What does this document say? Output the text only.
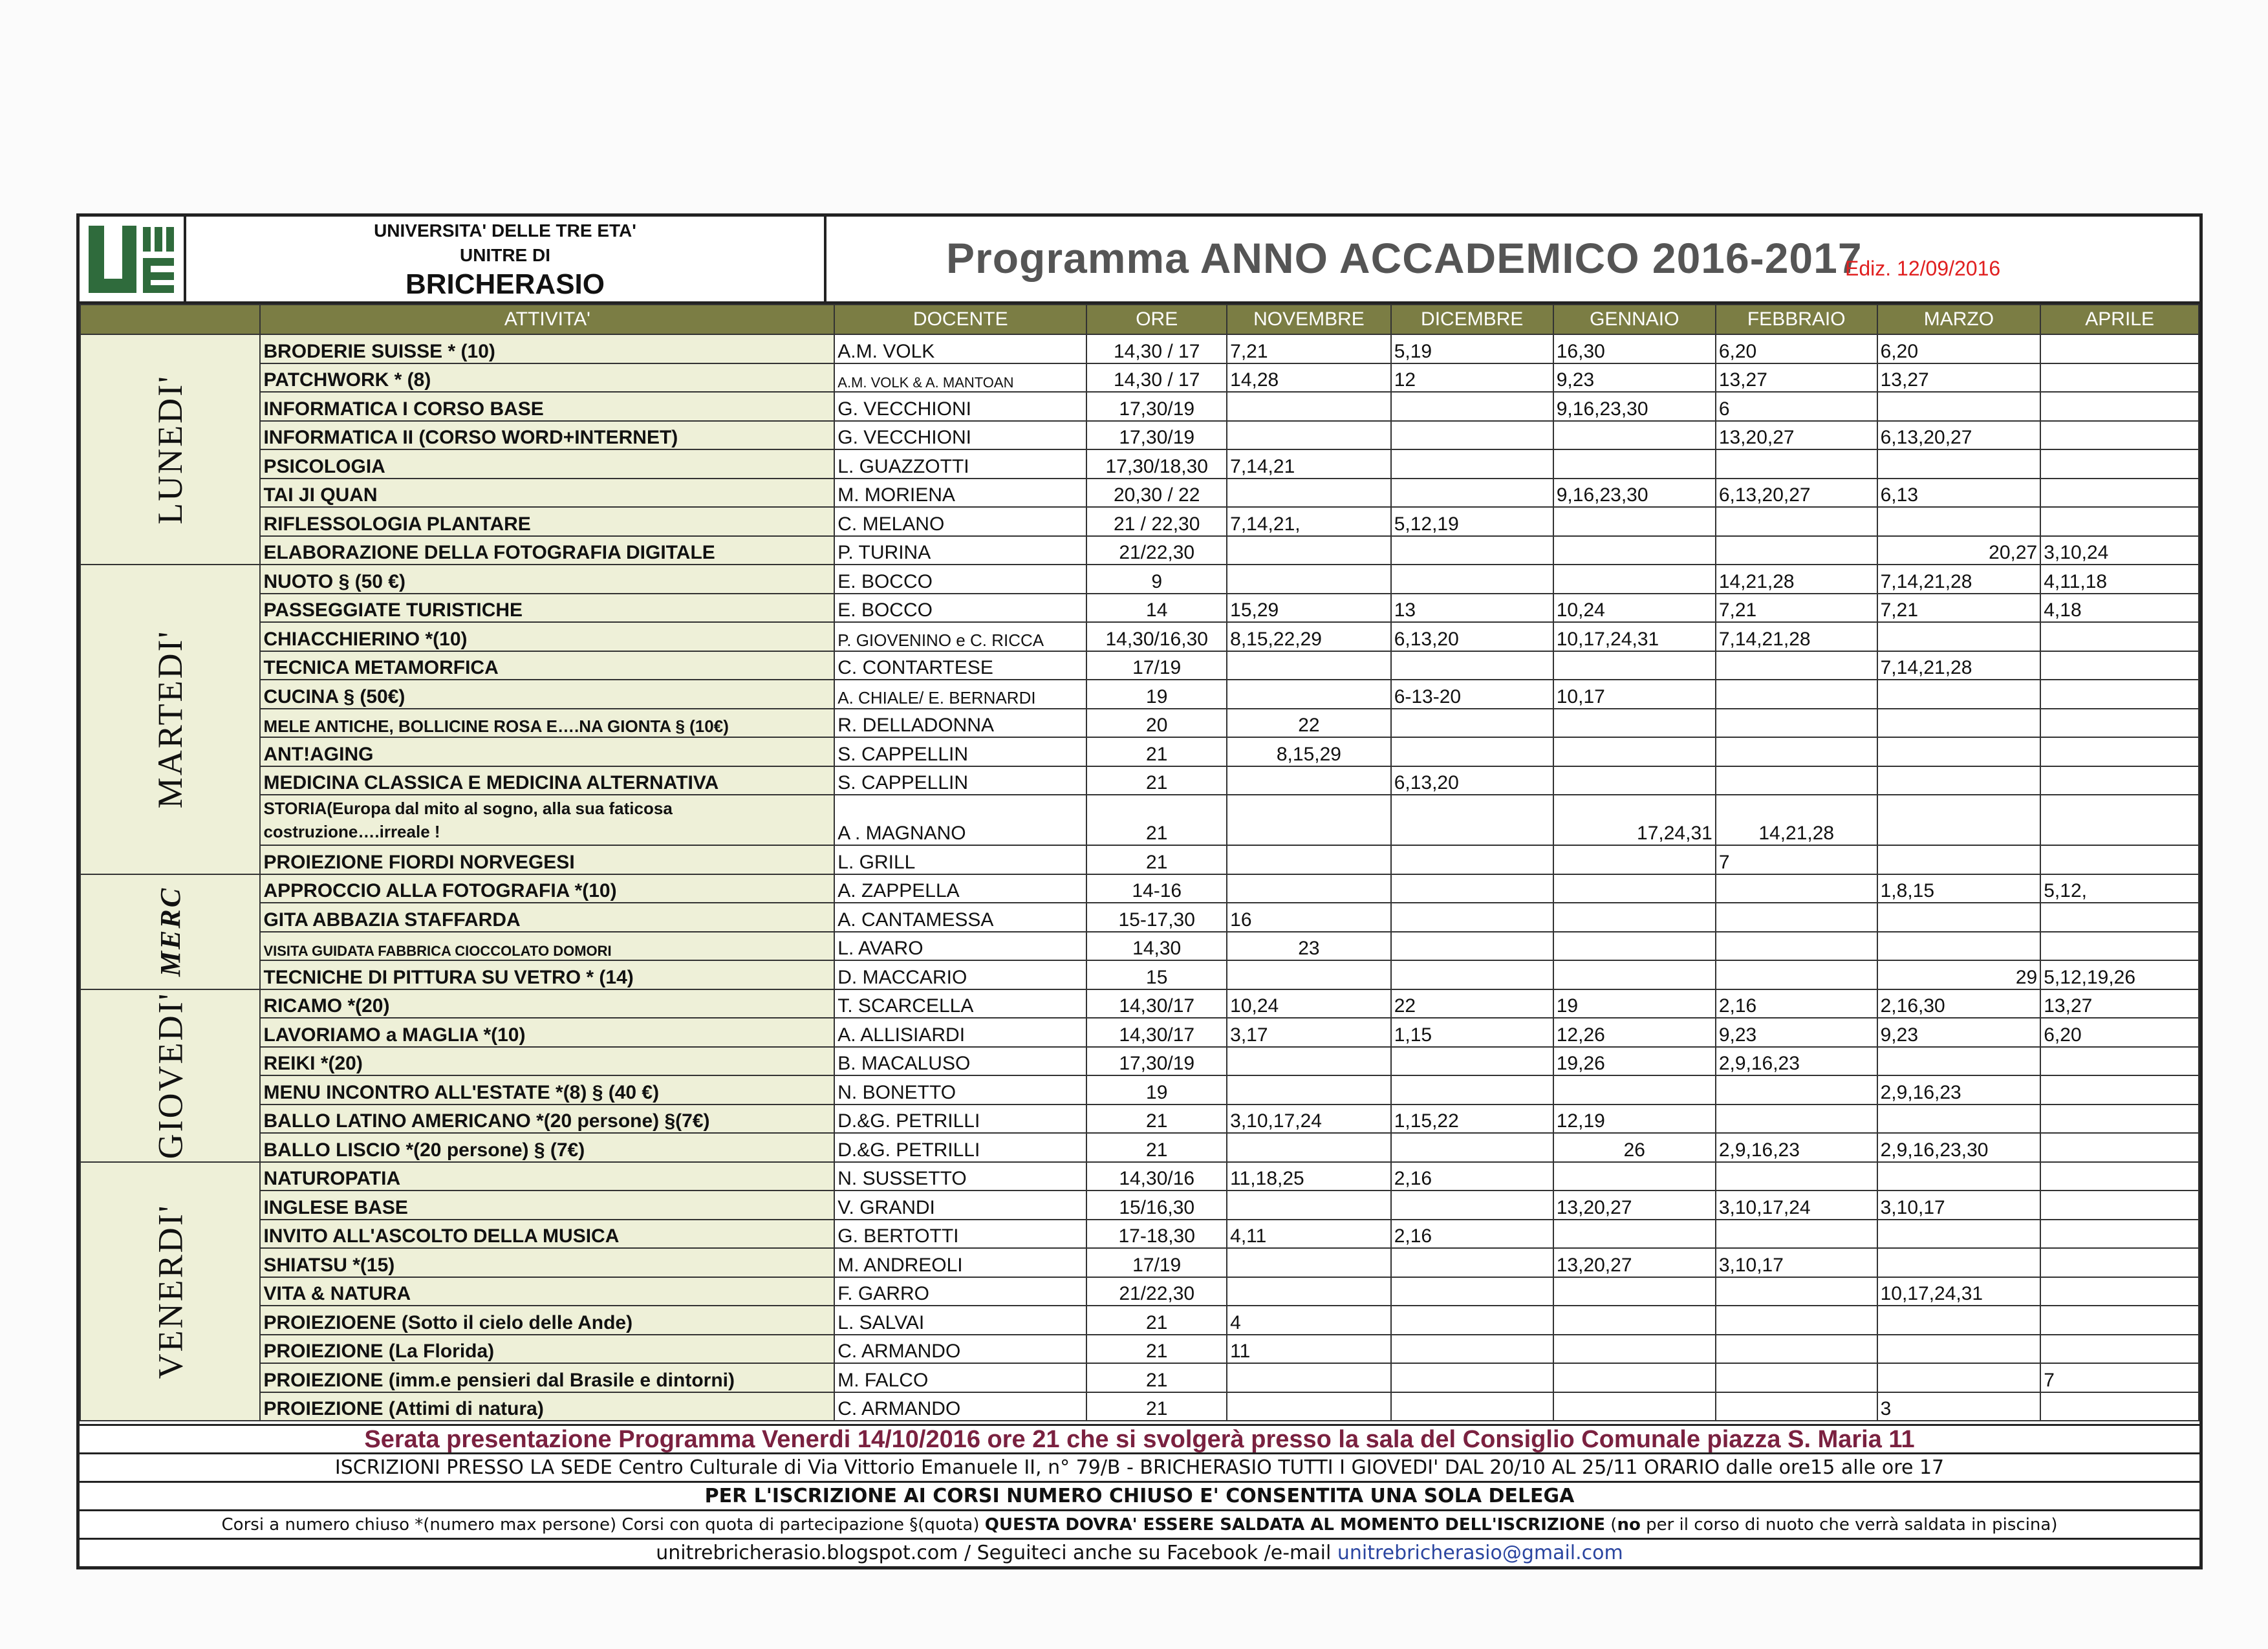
UNIVERSITA' DELLE TRE ETA'
UNITRE DI
BRICHERASIO
Programma ANNO ACCADEMICO 2016-2017
Ediz. 12/09/2016
	ATTIVITA'	DOCENTE	ORE	NOVEMBRE	DICEMBRE	GENNAIO	FEBBRAIO	MARZO	APRILE
LUNEDI'	BRODERIE SUISSE * (10)	A.M. VOLK	14,30 / 17	7,21	5,19	16,30	6,20	6,20	
	PATCHWORK * (8)	A.M. VOLK & A. MANTOAN	14,30 / 17	14,28	12	9,23	13,27	13,27	
	INFORMATICA I CORSO BASE	G. VECCHIONI	17,30/19			9,16,23,30	6		
	INFORMATICA II (CORSO WORD+INTERNET)	G. VECCHIONI	17,30/19				13,20,27	6,13,20,27	
	PSICOLOGIA	L. GUAZZOTTI	17,30/18,30	7,14,21					
	TAI JI QUAN	M. MORIENA	20,30 / 22			9,16,23,30	6,13,20,27	6,13	
	RIFLESSOLOGIA PLANTARE	C. MELANO	21 / 22,30	7,14,21,	5,12,19				
	ELABORAZIONE DELLA FOTOGRAFIA DIGITALE	P. TURINA	21/22,30					20,27	3,10,24
MARTEDI'	NUOTO § (50 €)	E. BOCCO	9				14,21,28	7,14,21,28	4,11,18
	PASSEGGIATE TURISTICHE	E. BOCCO	14	15,29	13	10,24	7,21	7,21	4,18
	CHIACCHIERINO *(10)	P. GIOVENINO e C. RICCA	14,30/16,30	8,15,22,29	6,13,20	10,17,24,31	7,14,21,28		
	TECNICA METAMORFICA	C. CONTARTESE	17/19					7,14,21,28	
	CUCINA § (50€)	A. CHIALE/ E. BERNARDI	19		6-13-20	10,17			
	MELE ANTICHE, BOLLICINE ROSA E….NA GIONTA § (10€)	R. DELLADONNA	20	22					
	ANT!AGING	S. CAPPELLIN	21	8,15,29					
	MEDICINA CLASSICA E MEDICINA ALTERNATIVA	S. CAPPELLIN	21		6,13,20				
	STORIA(Europa dal mito al sogno, alla sua faticosa costruzione….irreale !	A . MAGNANO	21			17,24,31	14,21,28		
	PROIEZIONE FIORDI NORVEGESI	L. GRILL	21				7		
MERC	APPROCCIO ALLA FOTOGRAFIA *(10)	A. ZAPPELLA	14-16					1,8,15	5,12,
	GITA ABBAZIA STAFFARDA	A. CANTAMESSA	15-17,30	16					
	VISITA GUIDATA FABBRICA CIOCCOLATO DOMORI	L. AVARO	14,30	23					
	TECNICHE DI PITTURA SU VETRO * (14)	D. MACCARIO	15					29	5,12,19,26
GIOVEDI'	RICAMO *(20)	T. SCARCELLA	14,30/17	10,24	22	19	2,16	2,16,30	13,27
	LAVORIAMO a MAGLIA *(10)	A. ALLISIARDI	14,30/17	3,17	1,15	12,26	9,23	9,23	6,20
	REIKI *(20)	B. MACALUSO	17,30/19			19,26	2,9,16,23		
	MENU INCONTRO ALL'ESTATE *(8) § (40 €)	N. BONETTO	19					2,9,16,23	
	BALLO LATINO AMERICANO *(20 persone) §(7€)	D.&G. PETRILLI	21	3,10,17,24	1,15,22	12,19			
	BALLO LISCIO *(20 persone) § (7€)	D.&G. PETRILLI	21			26	2,9,16,23	2,9,16,23,30	
VENERDI'	NATUROPATIA	N. SUSSETTO	14,30/16	11,18,25	2,16				
	INGLESE BASE	V. GRANDI	15/16,30			13,20,27	3,10,17,24	3,10,17	
	INVITO ALL'ASCOLTO DELLA MUSICA	G. BERTOTTI	17-18,30	4,11	2,16				
	SHIATSU *(15)	M. ANDREOLI	17/19			13,20,27	3,10,17		
	VITA & NATURA	F. GARRO	21/22,30					10,17,24,31	
	PROIEZIOENE (Sotto il cielo delle Ande)	L. SALVAI	21	4					
	PROIEZIONE (La Florida)	C. ARMANDO	21	11					
	PROIEZIONE (imm.e pensieri dal Brasile e dintorni)	M. FALCO	21						7
	PROIEZIONE (Attimi di natura)	C. ARMANDO	21					3	
Serata presentazione Programma Venerdi 14/10/2016 ore 21 che si svolgerà presso la sala del Consiglio Comunale piazza S. Maria 11
ISCRIZIONI PRESSO LA SEDE Centro Culturale di Via Vittorio Emanuele II, n° 79/B - BRICHERASIO TUTTI I GIOVEDI' DAL 20/10 AL 25/11 ORARIO dalle ore15 alle ore 17
PER L'ISCRIZIONE AI CORSI NUMERO CHIUSO E' CONSENTITA UNA SOLA DELEGA
Corsi a numero chiuso *(numero max persone) Corsi con quota di partecipazione §(quota) QUESTA DOVRA' ESSERE SALDATA AL MOMENTO DELL'ISCRIZIONE (no per il corso di nuoto che verrà saldata in piscina)
unitrebricherasio.blogspot.com / Seguiteci anche su Facebook /e-mail unitrebricherasio@gmail.com
